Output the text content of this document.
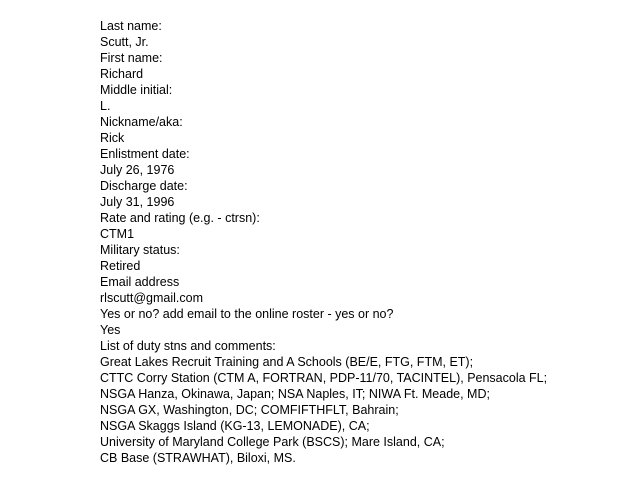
Last name:
Scutt, Jr.
First name:
Richard
Middle initial:
L.
Nickname/aka:
Rick
Enlistment date:
July 26, 1976
Discharge date:
July 31, 1996
Rate and rating (e.g. - ctrsn):
CTM1
Military status:
Retired
Email address
rlscutt@gmail.com
Yes or no? add email to the online roster - yes or no?
Yes
List of duty stns and comments:
Great Lakes Recruit Training and A Schools (BE/E, FTG, FTM, ET);
CTTC Corry Station (CTM A, FORTRAN, PDP-11/70, TACINTEL), Pensacola FL;
NSGA Hanza, Okinawa, Japan; NSA Naples, IT; NIWA Ft. Meade, MD;
NSGA GX, Washington, DC; COMFIFTHFLT, Bahrain;
NSGA Skaggs Island (KG-13, LEMONADE), CA;
University of Maryland College Park (BSCS); Mare Island, CA;
CB Base (STRAWHAT), Biloxi, MS.
